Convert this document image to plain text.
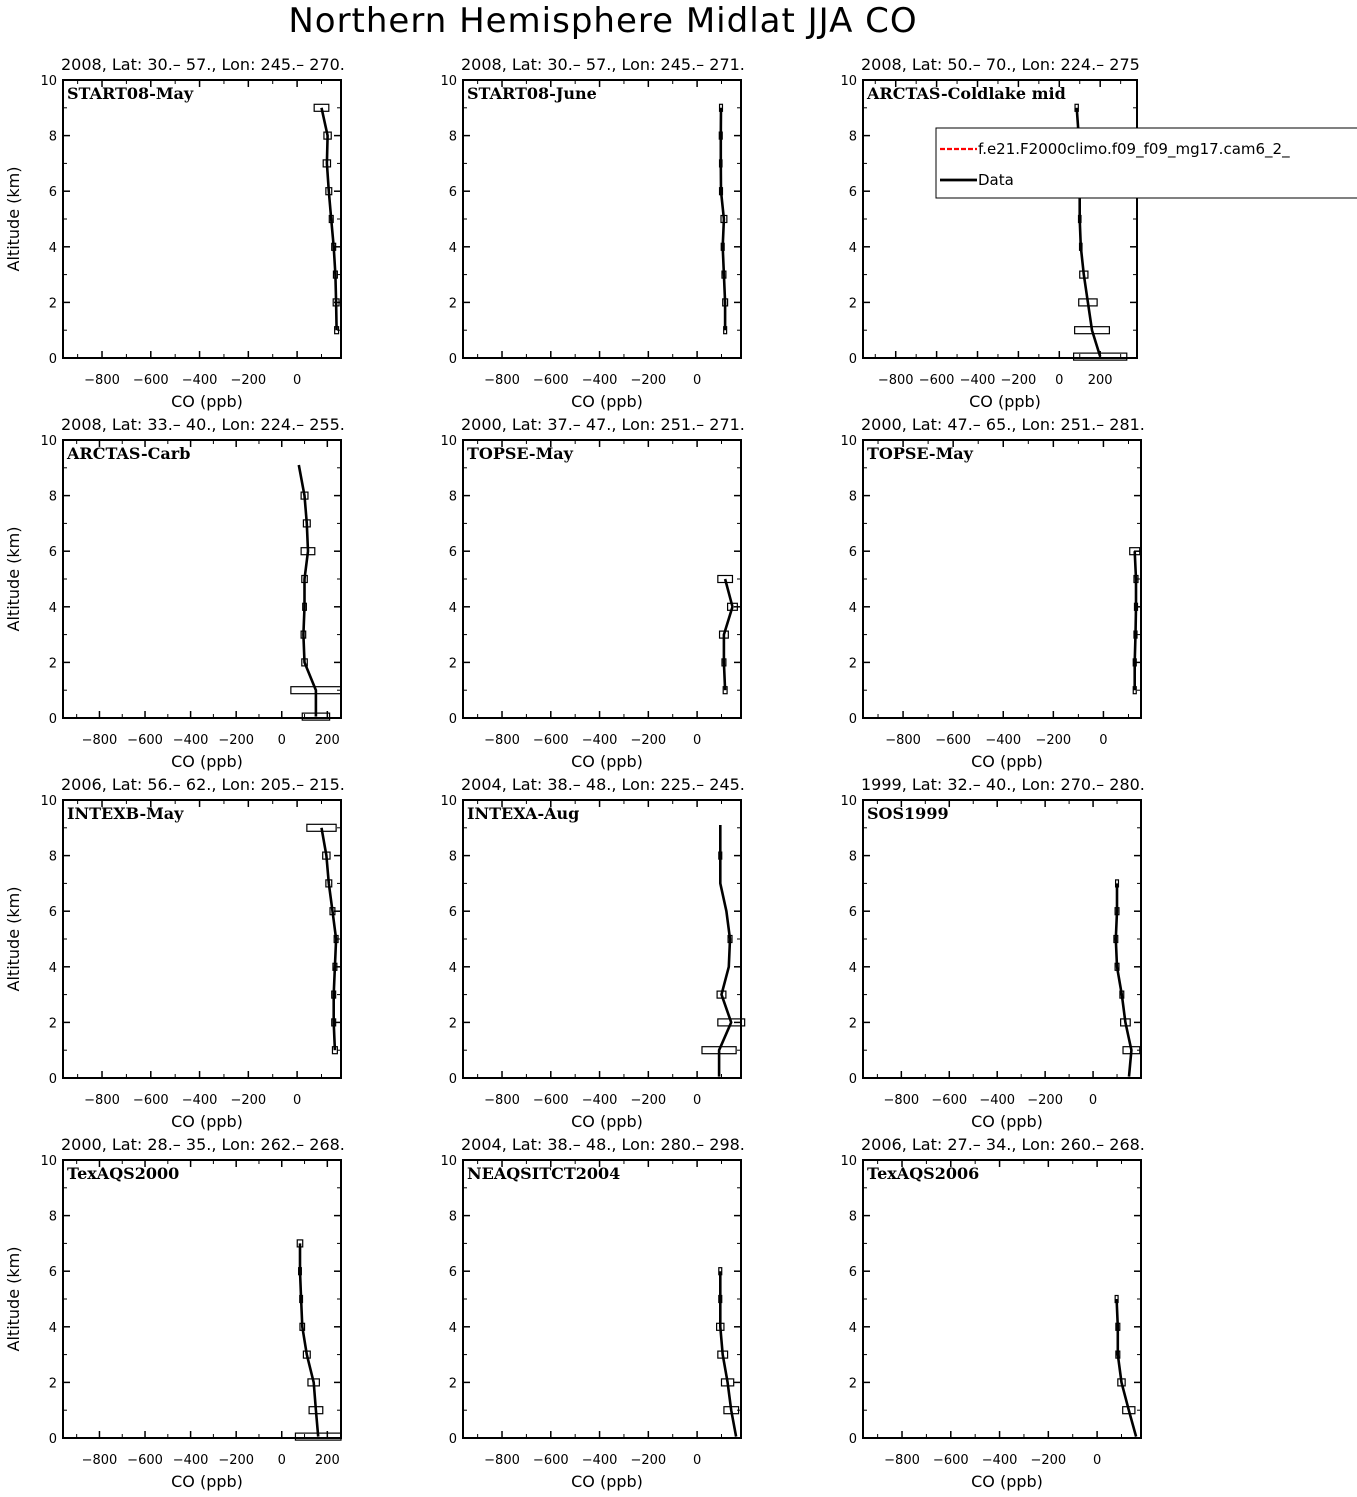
Northern Hemisphere Midlat JJA CO
2008, Lat: 30.– 57., Lon: 245.– 270.
START08-May
0
2
4
6
8
10
−800 −600 −400 −200 0
CO (ppb)
Altitude (km)
2008, Lat: 30.– 57., Lon: 245.– 271.
START08-June
0
2
4
6
8
10
−800 −600 −400 −200 0
CO (ppb)
2008, Lat: 50.– 70., Lon: 224.– 275
ARCTAS-Coldlake mid
0
2
4
6
8
10
−800 −600 −400 −200 0 200
CO (ppb)
2008, Lat: 33.– 40., Lon: 224.– 255.
ARCTAS-Carb
0
2
4
6
8
10
−800 −600 −400 −200 0 200
CO (ppb)
Altitude (km)
2000, Lat: 37.– 47., Lon: 251.– 271.
TOPSE-May
0
2
4
6
8
10
−800 −600 −400 −200 0
CO (ppb)
2000, Lat: 47.– 65., Lon: 251.– 281.
TOPSE-May
0
2
4
6
8
10
−800 −600 −400 −200 0
CO (ppb)
2006, Lat: 56.– 62., Lon: 205.– 215.
INTEXB-May
0
2
4
6
8
10
−800 −600 −400 −200 0
CO (ppb)
Altitude (km)
2004, Lat: 38.– 48., Lon: 225.– 245.
INTEXA-Aug
0
2
4
6
8
10
−800 −600 −400 −200 0
CO (ppb)
1999, Lat: 32.– 40., Lon: 270.– 280.
SOS1999
0
2
4
6
8
10
−800 −600 −400 −200 0
CO (ppb)
2000, Lat: 28.– 35., Lon: 262.– 268.
TexAQS2000
0
2
4
6
8
10
−800 −600 −400 −200 0 200
CO (ppb)
Altitude (km)
2004, Lat: 38.– 48., Lon: 280.– 298.
NEAQSITCT2004
0
2
4
6
8
10
−800 −600 −400 −200 0
CO (ppb)
2006, Lat: 27.– 34., Lon: 260.– 268.
TexAQS2006
0
2
4
6
8
10
−800 −600 −400 −200 0
CO (ppb)
f.e21.F2000climo.f09_f09_mg17.cam6_2_
Data
